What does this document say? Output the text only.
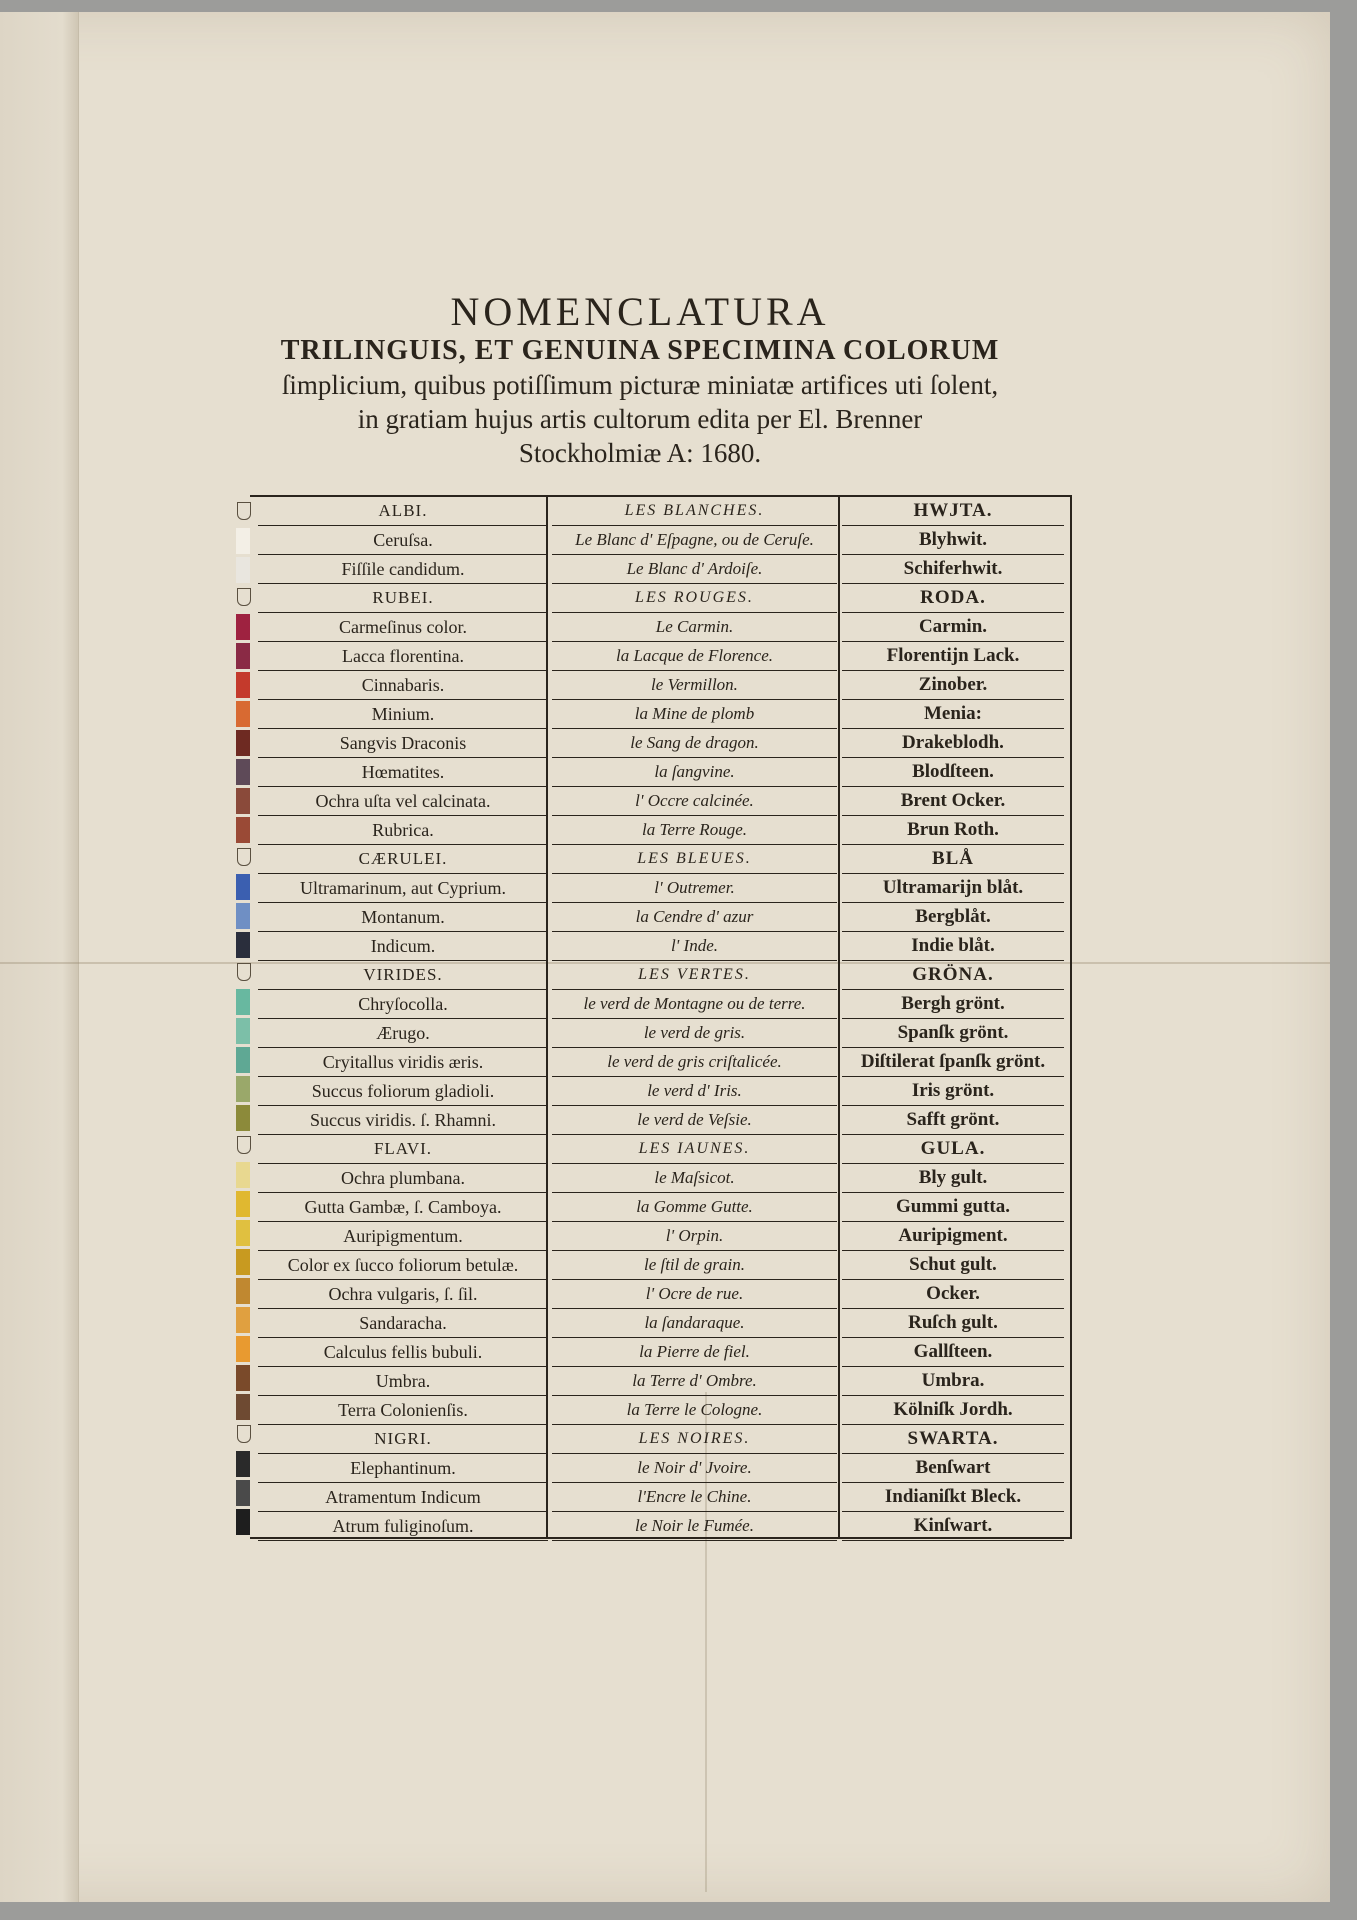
NOMENCLATURA
TRILINGUIS, ET GENUINA SPECIMINA COLORUM
ſimplicium, quibus potiſſimum picturæ miniatæ artifices uti ſolent,
in gratiam hujus artis cultorum edita per El. Brenner
Stockholmiæ A: 1680.
ALBI.
Ceruſsa.
Fiſſile candidum.
RUBEI.
Carmeſinus color.
Lacca florentina.
Cinnabaris.
Minium.
Sangvis Draconis
Hœmatites.
Ochra uſta vel calcinata.
Rubrica.
CÆRULEI.
Ultramarinum, aut Cyprium.
Montanum.
Indicum.
VIRIDES.
Chryſocolla.
Ærugo.
Cryitallus viridis æris.
Succus foliorum gladioli.
Succus viridis. ſ. Rhamni.
FLAVI.
Ochra plumbana.
Gutta Gambæ, ſ. Camboya.
Auripigmentum.
Color ex ſucco foliorum betulæ.
Ochra vulgaris, ſ. ſil.
Sandaracha.
Calculus fellis bubuli.
Umbra.
Terra Colonienſis.
NIGRI.
Elephantinum.
Atramentum Indicum
Atrum fuliginoſum.
LES BLANCHES.
Le Blanc d' Eſpagne, ou de Ceruſe.
Le Blanc d' Ardoiſe.
LES ROUGES.
Le Carmin.
la Lacque de Florence.
le Vermillon.
la Mine de plomb
le Sang de dragon.
la ſangvine.
l' Occre calcinée.
la Terre Rouge.
LES BLEUES.
l' Outremer.
la Cendre d' azur
l' Inde.
LES VERTES.
le verd de Montagne ou de terre.
le verd de gris.
le verd de gris criſtalicée.
le verd d' Iris.
le verd de Veſsie.
LES IAUNES.
le Maſsicot.
la Gomme Gutte.
l' Orpin.
le ſtil de grain.
l' Ocre de rue.
la ſandaraque.
la Pierre de fiel.
la Terre d' Ombre.
la Terre le Cologne.
LES NOIRES.
le Noir d' Jvoire.
l'Encre le Chine.
le Noir le Fumée.
HWJTA.
Blyhwit.
Schiferhwit.
RODA.
Carmin.
Florentijn Lack.
Zinober.
Menia:
Drakeblodh.
Blodſteen.
Brent Ocker.
Brun Roth.
BLÅ
Ultramarijn blåt.
Bergblåt.
Indie blåt.
GRÖNA.
Bergh grönt.
Spanſk grönt.
Diſtilerat ſpanſk grönt.
Iris grönt.
Safft grönt.
GULA.
Bly gult.
Gummi gutta.
Auripigment.
Schut gult.
Ocker.
Ruſch gult.
Gallſteen.
Umbra.
Kölniſk Jordh.
SWARTA.
Benſwart
Indianiſkt Bleck.
Kinſwart.
